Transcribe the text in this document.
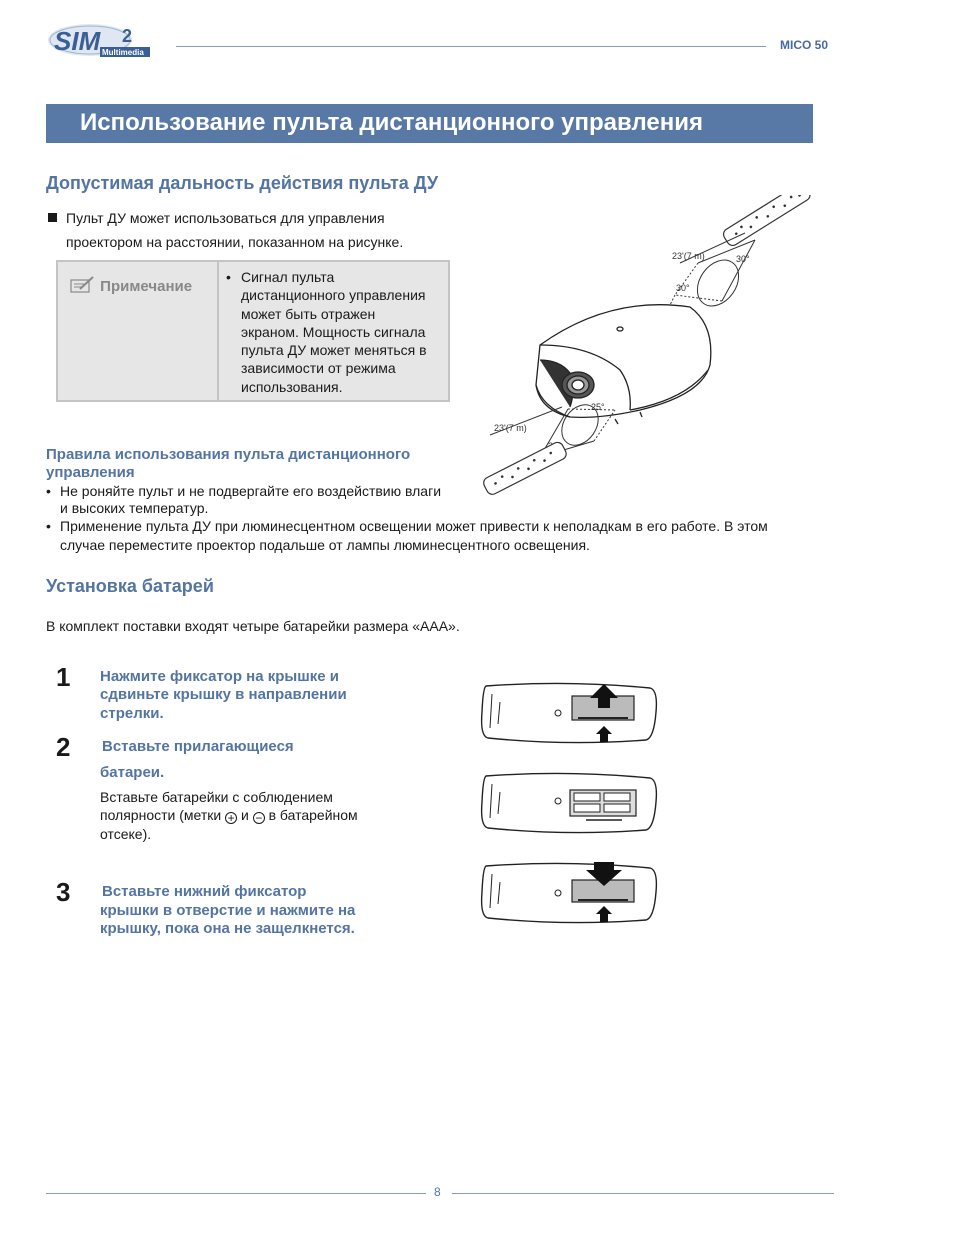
SIM 2
Multimedia
MICO 50
Использование пульта дистанционного управления
Допустимая дальность действия пульта ДУ
Пульт ДУ может использоваться для управления
проектором на расстоянии, показанном на рисунке.
Примечание
• Сигнал пульта
дистанционного управления
может быть отражен
экраном. Мощность сигнала
пульта ДУ может меняться в
зависимости от режима
использования.
23'(7 m)	30°
30°
23'(7 m)
25°
Правила использования пульта дистанционного
управления
• Не роняйте пульт и не подвергайте его воздействию влаги
и высоких температур.
• Применение пульта ДУ при люминесцентном освещении может привести к неполадкам в его работе. В этом
случае переместите проектор подальше от лампы люминесцентного освещения.
Установка батарей
В комплект поставки входят четыре батарейки размера «AAA».
1 Нажмите фиксатор на крышке и
сдвиньте крышку в направлении
стрелки.
2 Вставьте прилагающиеся
батареи.
Вставьте батарейки с соблюдением
полярности (метки + и − в батарейном
отсеке).
3 Вставьте нижний фиксатор
крышки в отверстие и нажмите на
крышку, пока она не защелкнется.
8
